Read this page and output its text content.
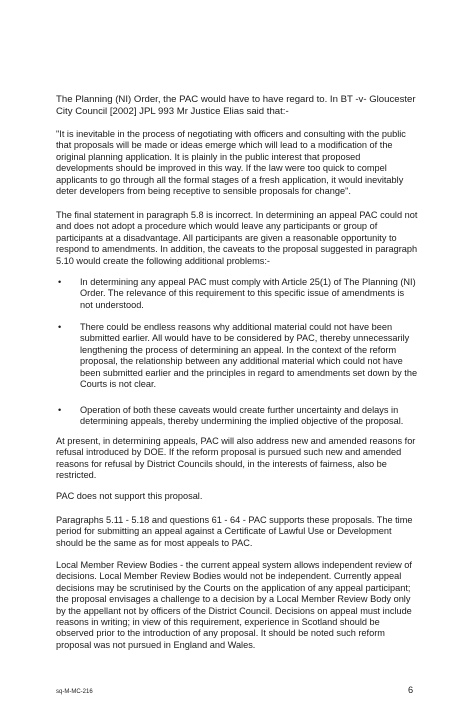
The Planning (NI) Order, the PAC would have to have regard to. In BT -v- Gloucester City Council [2002] JPL 993 Mr Justice Elias said that:-

"It is inevitable in the process of negotiating with officers and consulting with the public that proposals will be made or ideas emerge which will lead to a modification of the original planning application. It is plainly in the public interest that proposed developments should be improved in this way. If the law were too quick to compel applicants to go through all the formal stages of a fresh application, it would inevitably deter developers from being receptive to sensible proposals for change".

The final statement in paragraph 5.8 is incorrect. In determining an appeal PAC could not and does not adopt a procedure which would leave any participants or group of participants at a disadvantage. All participants are given a reasonable opportunity to respond to amendments. In addition, the caveats to the proposal suggested in paragraph 5.10 would create the following additional problems:-

• In determining any appeal PAC must comply with Article 25(1) of The Planning (NI) Order. The relevance of this requirement to this specific issue of amendments is not understood.
• There could be endless reasons why additional material could not have been submitted earlier. All would have to be considered by PAC, thereby unnecessarily lengthening the process of determining an appeal. In the context of the reform proposal, the relationship between any additional material which could not have been submitted earlier and the principles in regard to amendments set down by the Courts is not clear.
• Operation of both these caveats would create further uncertainty and delays in determining appeals, thereby undermining the implied objective of the proposal.

At present, in determining appeals, PAC will also address new and amended reasons for refusal introduced by DOE. If the reform proposal is pursued such new and amended reasons for refusal by District Councils should, in the interests of fairness, also be restricted.

PAC does not support this proposal.

Paragraphs 5.11 - 5.18 and questions 61 - 64 - PAC supports these proposals. The time period for submitting an appeal against a Certificate of Lawful Use or Development should be the same as for most appeals to PAC.

Local Member Review Bodies - the current appeal system allows independent review of decisions. Local Member Review Bodies would not be independent. Currently appeal decisions may be scrutinised by the Courts on the application of any appeal participant; the proposal envisages a challenge to a decision by a Local Member Review Body only by the appellant not by officers of the District Council. Decisions on appeal must include reasons in writing; in view of this requirement, experience in Scotland should be observed prior to the introduction of any proposal. It should be noted such reform proposal was not pursued in England and Wales.

sq-M-MC-216	6
